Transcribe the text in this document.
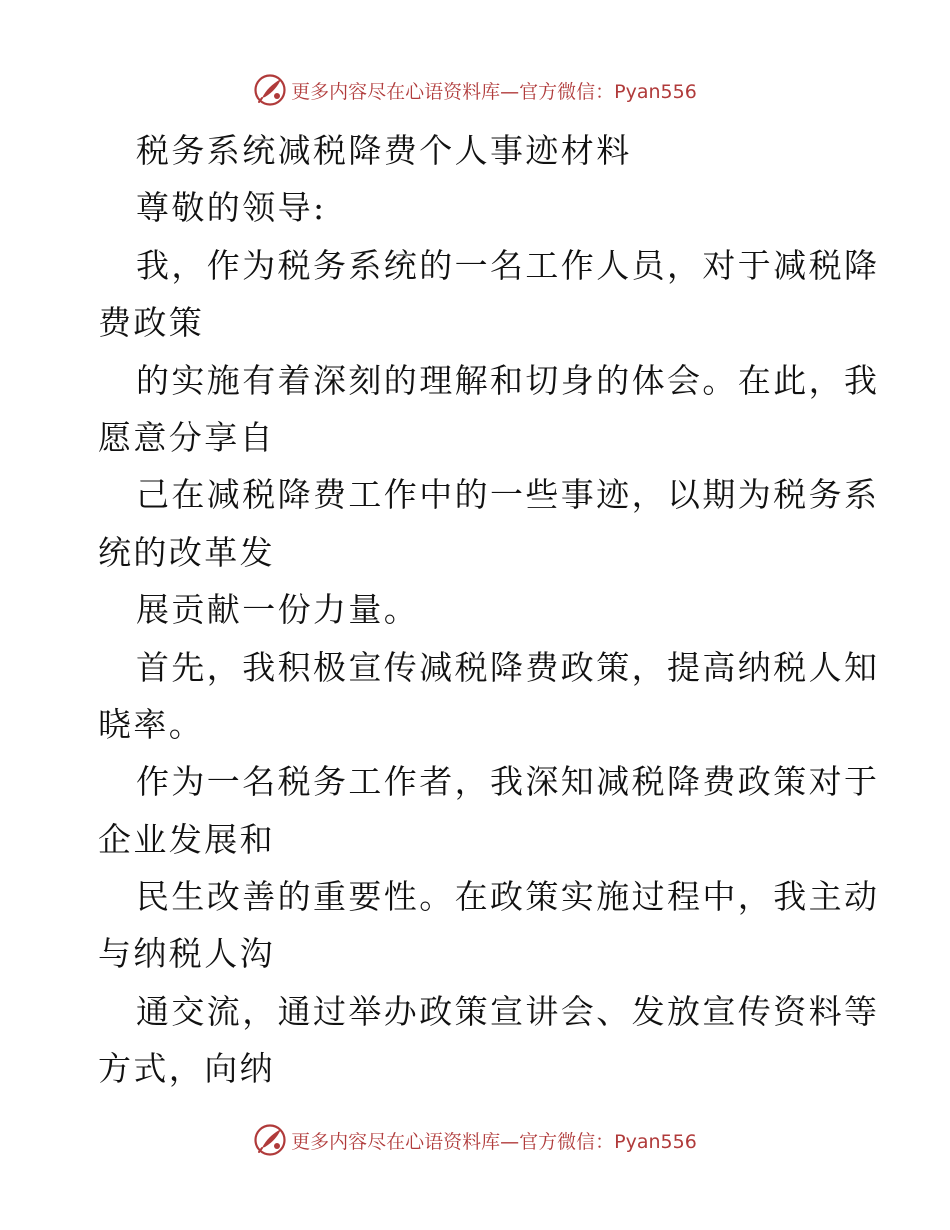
更多内容尽在心语资料库—官方微信：Pyan556
税务系统减税降费个人事迹材料
尊敬的领导:
我，作为税务系统的一名工作人员，对于减税降
费政策
的实施有着深刻的理解和切身的体会。在此，我
愿意分享自
己在减税降费工作中的一些事迹，以期为税务系
统的改革发
展贡献一份力量。
首先，我积极宣传减税降费政策，提高纳税人知
晓率。
作为一名税务工作者，我深知减税降费政策对于
企业发展和
民生改善的重要性。在政策实施过程中，我主动
与纳税人沟
通交流，通过举办政策宣讲会、发放宣传资料等
方式，向纳
更多内容尽在心语资料库—官方微信：Pyan556
